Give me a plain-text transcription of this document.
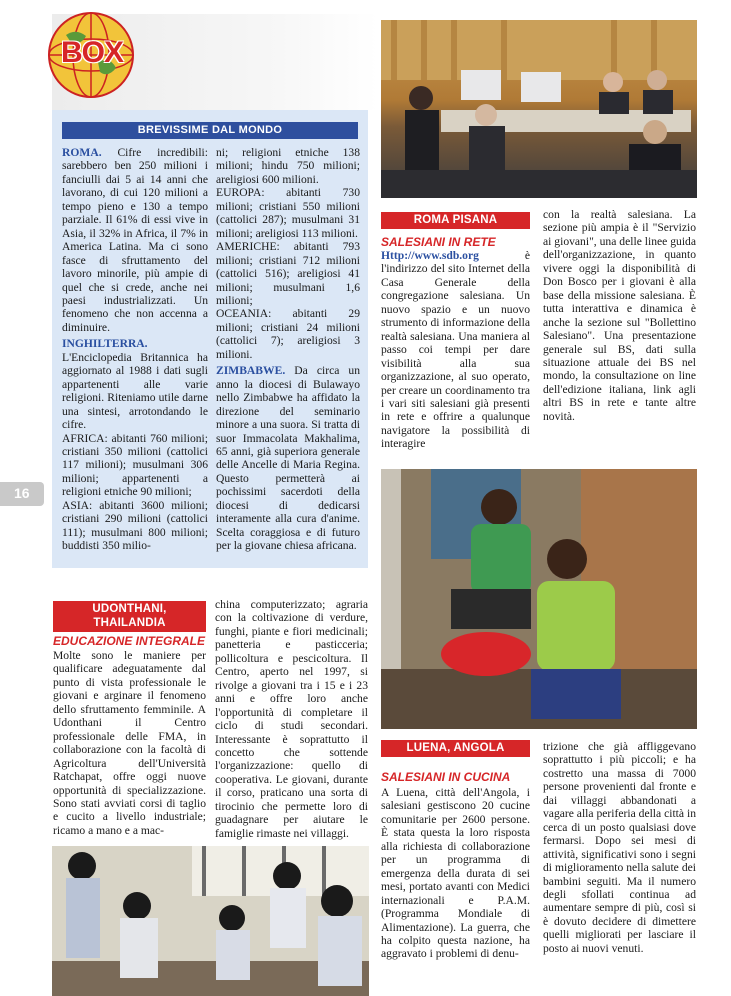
BOX
BREVISSIME DAL MONDO

ROMA. Cifre incredibili: sarebbero ben 250 milioni i fanciulli dai 5 ai 14 anni che lavorano, di cui 120 milioni a tempo pieno e 130 a tempo parziale. Il 61% di essi vive in Asia, il 32% in Africa, il 7% in America Latina. Ma ci sono fasce di sfruttamento del lavoro minorile, più ampie di quel che si crede, anche nei paesi industrializzati. Un fenomeno che non accenna a diminuire.

INGHILTERRA. L'Enciclopedia Britannica ha aggiornato al 1988 i dati sugli appartenenti alle varie religioni. Riteniamo utile darne una sintesi, arrotondando le cifre.

AFRICA: abitanti 760 milioni; cristiani 350 milioni (cattolici 117 milioni); musulmani 306 milioni; appartenenti a religioni etniche 90 milioni;

ASIA: abitanti 3600 milioni; cristiani 290 milioni (cattolici 111); musulmani 800 milioni; buddisti 350 milio-

ni; religioni etniche 138 milioni; hindu 750 milioni; areligiosi 600 milioni.

EUROPA: abitanti 730 milioni; cristiani 550 milioni (cattolici 287); musulmani 31 milioni; areligiosi 113 milioni.

AMERICHE: abitanti 793 milioni; cristiani 712 milioni (cattolici 516); areligiosi 41 milioni; musulmani 1,6 milioni;

OCEANIA: abitanti 29 milioni; cristiani 24 milioni (cattolici 7); areligiosi 3 milioni.

ZIMBABWE. Da circa un anno la diocesi di Bulawayo nello Zimbabwe ha affidato la direzione del seminario minore a una suora. Si tratta di suor Immacolata Makhalima, 65 anni, già superiora generale delle Ancelle di Maria Regina. Questo permetterà ai pochissimi sacerdoti della diocesi di dedicarsi interamente alla cura d'anime. Scelta coraggiosa e di futuro per la giovane chiesa africana.

16
ROMA PISANA
SALESIANI IN RETE

Http://www.sdb.org è l'indirizzo del sito Internet della Casa Generale della congregazione salesiana. Un nuovo spazio e un nuovo strumento di informazione della realtà salesiana. Una maniera al passo coi tempi per dare visibilità alla sua organizzazione, al suo operato, per creare un coordinamento tra i vari siti salesiani già presenti in rete e offrire a qualunque navigatore la possibilità di interagire

con la realtà salesiana. La sezione più ampia è il "Servizio ai giovani", una delle linee guida dell'organizzazione, in quanto vivere oggi la disponibilità di Don Bosco per i giovani è alla base della missione salesiana. È tutta interattiva e dinamica è anche la sezione sul "Bollettino Salesiano". Una presentazione generale sul BS, dati sulla situazione attuale dei BS nel mondo, la consultazione on line dell'edizione italiana, link agli altri BS in rete e tante altre novità.

UDONTHANI, THAILANDIA
EDUCAZIONE INTEGRALE

Molte sono le maniere per qualificare adeguatamente dal punto di vista professionale le giovani e arginare il fenomeno dello sfruttamento femminile. A Udonthani il Centro professionale delle FMA, in collaborazione con la facoltà di Agricoltura dell'Università Ratchapat, offre oggi nuove opportunità di specializzazione. Sono stati avviati corsi di taglio e cucito a livello industriale; ricamo a mano e a mac-

china computerizzato; agraria con la coltivazione di verdure, funghi, piante e fiori medicinali; panetteria e pasticceria; pollicoltura e pescicoltura. Il Centro, aperto nel 1997, si rivolge a giovani tra i 15 e i 23 anni e offre loro anche l'opportunità di completare il ciclo di studi secondari. Interessante è soprattutto il concetto che sottende l'organizzazione: quello di cooperativa. Le giovani, durante il corso, praticano una sorta di tirocinio che permette loro di guadagnare per aiutare le famiglie rimaste nei villaggi.

LUENA, ANGOLA
SALESIANI IN CUCINA

A Luena, città dell'Angola, i salesiani gestiscono 20 cucine comunitarie per 2600 persone. È stata questa la loro risposta alla richiesta di collaborazione per un programma di emergenza della durata di sei mesi, portato avanti con Medici internazionali e P.A.M. (Programma Mondiale di Alimentazione). La guerra, che ha colpito questa nazione, ha aggravato i problemi di denu-

trizione che già affliggevano soprattutto i più piccoli; e ha costretto una massa di 7000 persone provenienti dal fronte e dai villaggi abbandonati a vagare alla periferia della città in cerca di un posto qualsiasi dove fermarsi. Dopo sei mesi di attività, significativi sono i segni di miglioramento nella salute dei bambini seguiti. Ma il numero degli sfollati continua ad aumentare sempre di più, così si è dovuto decidere di dimettere quelli migliorati per lasciare il posto ai nuovi venuti.
